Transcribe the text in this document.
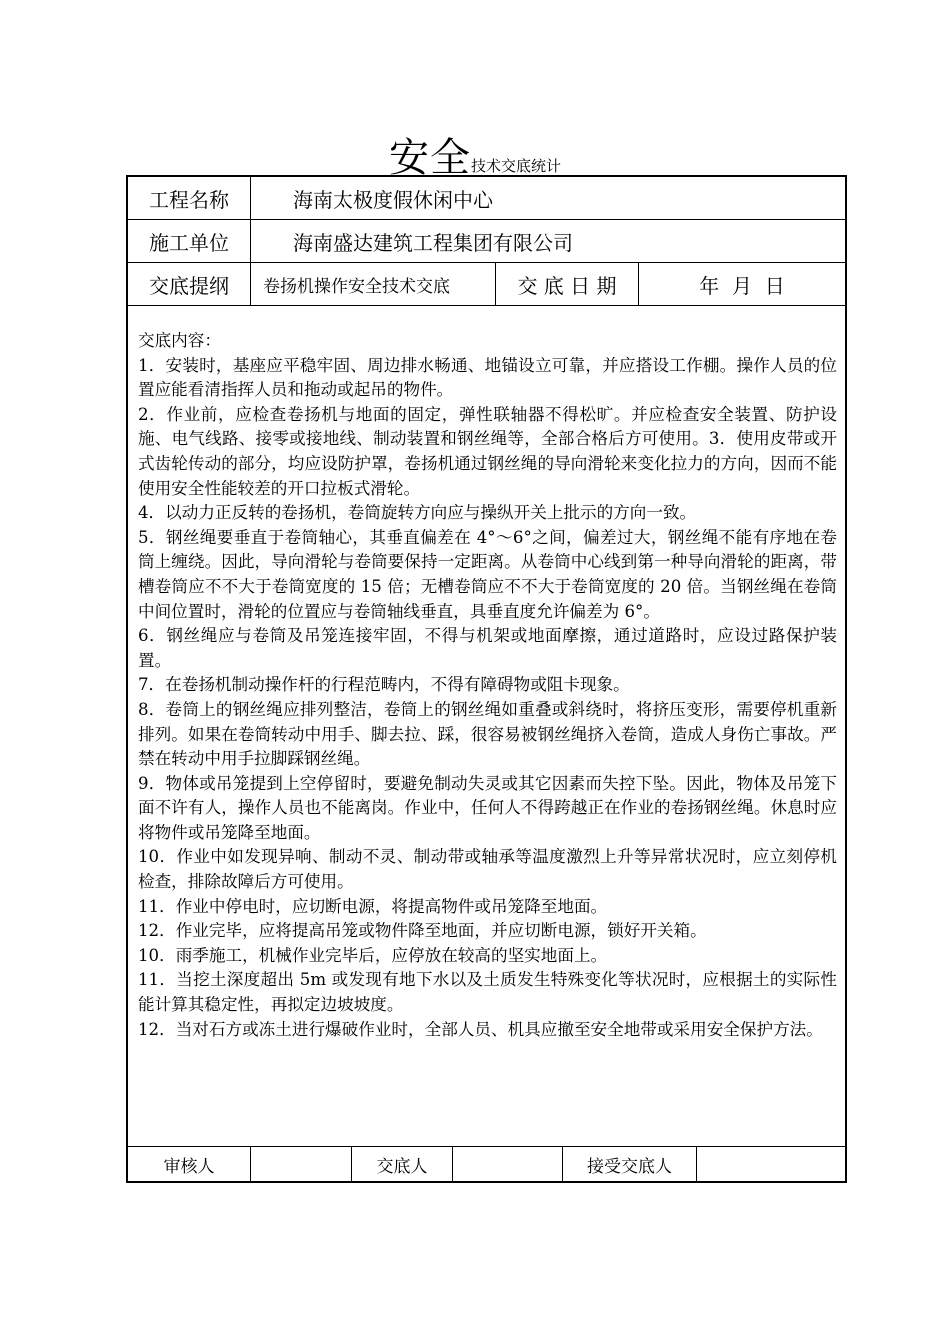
安全技术交底统计
工程名称	海南太极度假休闲中心
施工单位	海南盛达建筑工程集团有限公司
交底提纲	卷扬机操作安全技术交底	交 底 日 期	年  月  日

交底内容：

1．安装时，基座应平稳牢固、周边排水畅通、地锚设立可靠，并应搭设工作棚。操作人员的位置应能看清指挥人员和拖动或起吊的物件。

2．作业前，应检查卷扬机与地面的固定，弹性联轴器不得松旷。并应检查安全装置、防护设施、电气线路、接零或接地线、制动装置和钢丝绳等，全部合格后方可使用。3．使用皮带或开式齿轮传动的部分，均应设防护罩，卷扬机通过钢丝绳的导向滑轮来变化拉力的方向，因而不能使用安全性能较差的开口拉板式滑轮。

4．以动力正反转的卷扬机，卷筒旋转方向应与操纵开关上批示的方向一致。

5．钢丝绳要垂直于卷筒轴心，其垂直偏差在 4°～6°之间，偏差过大，钢丝绳不能有序地在卷筒上缠绕。因此，导向滑轮与卷筒要保持一定距离。从卷筒中心线到第一种导向滑轮的距离，带槽卷筒应不不大于卷筒宽度的 15 倍；无槽卷筒应不不大于卷筒宽度的 20 倍。当钢丝绳在卷筒中间位置时，滑轮的位置应与卷筒轴线垂直，具垂直度允许偏差为 6°。

6．钢丝绳应与卷筒及吊笼连接牢固，不得与机架或地面摩擦，通过道路时，应设过路保护装置。

7．在卷扬机制动操作杆的行程范畴内，不得有障碍物或阻卡现象。

8．卷筒上的钢丝绳应排列整洁，卷筒上的钢丝绳如重叠或斜绕时，将挤压变形，需要停机重新排列。如果在卷筒转动中用手、脚去拉、踩，很容易被钢丝绳挤入卷筒，造成人身伤亡事故。严禁在转动中用手拉脚踩钢丝绳。

9．物体或吊笼提到上空停留时，要避免制动失灵或其它因素而失控下坠。因此，物体及吊笼下面不许有人，操作人员也不能离岗。作业中，任何人不得跨越正在作业的卷扬钢丝绳。休息时应将物件或吊笼降至地面。

10．作业中如发现异响、制动不灵、制动带或轴承等温度激烈上升等异常状况时，应立刻停机检查，排除故障后方可使用。

11．作业中停电时，应切断电源，将提高物件或吊笼降至地面。

12．作业完毕，应将提高吊笼或物件降至地面，并应切断电源，锁好开关箱。

10．雨季施工，机械作业完毕后，应停放在较高的坚实地面上。

11．当挖土深度超出 5m 或发现有地下水以及土质发生特殊变化等状况时，应根据土的实际性能计算其稳定性，再拟定边坡坡度。

12．当对石方或冻土进行爆破作业时，全部人员、机具应撤至安全地带或采用安全保护方法。

审核人	交底人	接受交底人
